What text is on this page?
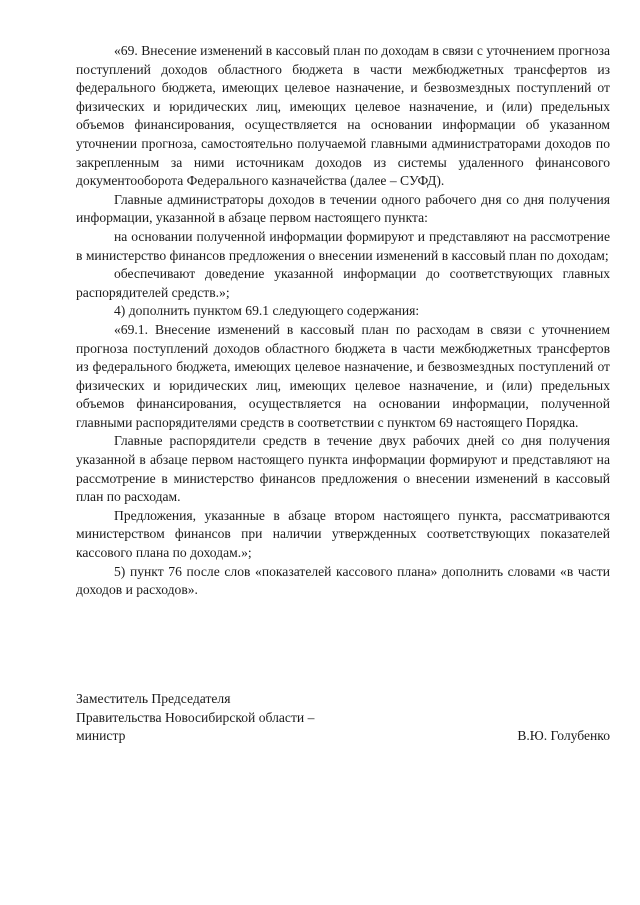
«69. Внесение изменений в кассовый план по доходам в связи с уточнением прогноза поступлений доходов областного бюджета в части межбюджетных трансфертов из федерального бюджета, имеющих целевое назначение, и безвозмездных поступлений от физических и юридических лиц, имеющих целевое назначение, и (или) предельных объемов финансирования, осуществляется на основании информации об указанном уточнении прогноза, самостоятельно получаемой главными администраторами доходов по закрепленным за ними источникам доходов из системы удаленного финансового документооборота Федерального казначейства (далее – СУФД).

Главные администраторы доходов в течении одного рабочего дня со дня получения информации, указанной в абзаце первом настоящего пункта:

на основании полученной информации формируют и представляют на рассмотрение в министерство финансов предложения о внесении изменений в кассовый план по доходам;

обеспечивают доведение указанной информации до соответствующих главных распорядителей средств.»;

4) дополнить пунктом 69.1 следующего содержания:

«69.1. Внесение изменений в кассовый план по расходам в связи с уточнением прогноза поступлений доходов областного бюджета в части межбюджетных трансфертов из федерального бюджета, имеющих целевое назначение, и безвозмездных поступлений от физических и юридических лиц, имеющих целевое назначение, и (или) предельных объемов финансирования, осуществляется на основании информации, полученной главными распорядителями средств в соответствии с пунктом 69 настоящего Порядка.

Главные распорядители средств в течение двух рабочих дней со дня получения указанной в абзаце первом настоящего пункта информации формируют и представляют на рассмотрение в министерство финансов предложения о внесении изменений в кассовый план по расходам.

Предложения, указанные в абзаце втором настоящего пункта, рассматриваются министерством финансов при наличии утвержденных соответствующих показателей кассового плана по доходам.»;

5) пункт 76 после слов «показателей кассового плана» дополнить словами «в части доходов и расходов».

Заместитель Председателя

Правительства Новосибирской области –

министр	В.Ю. Голубенко
